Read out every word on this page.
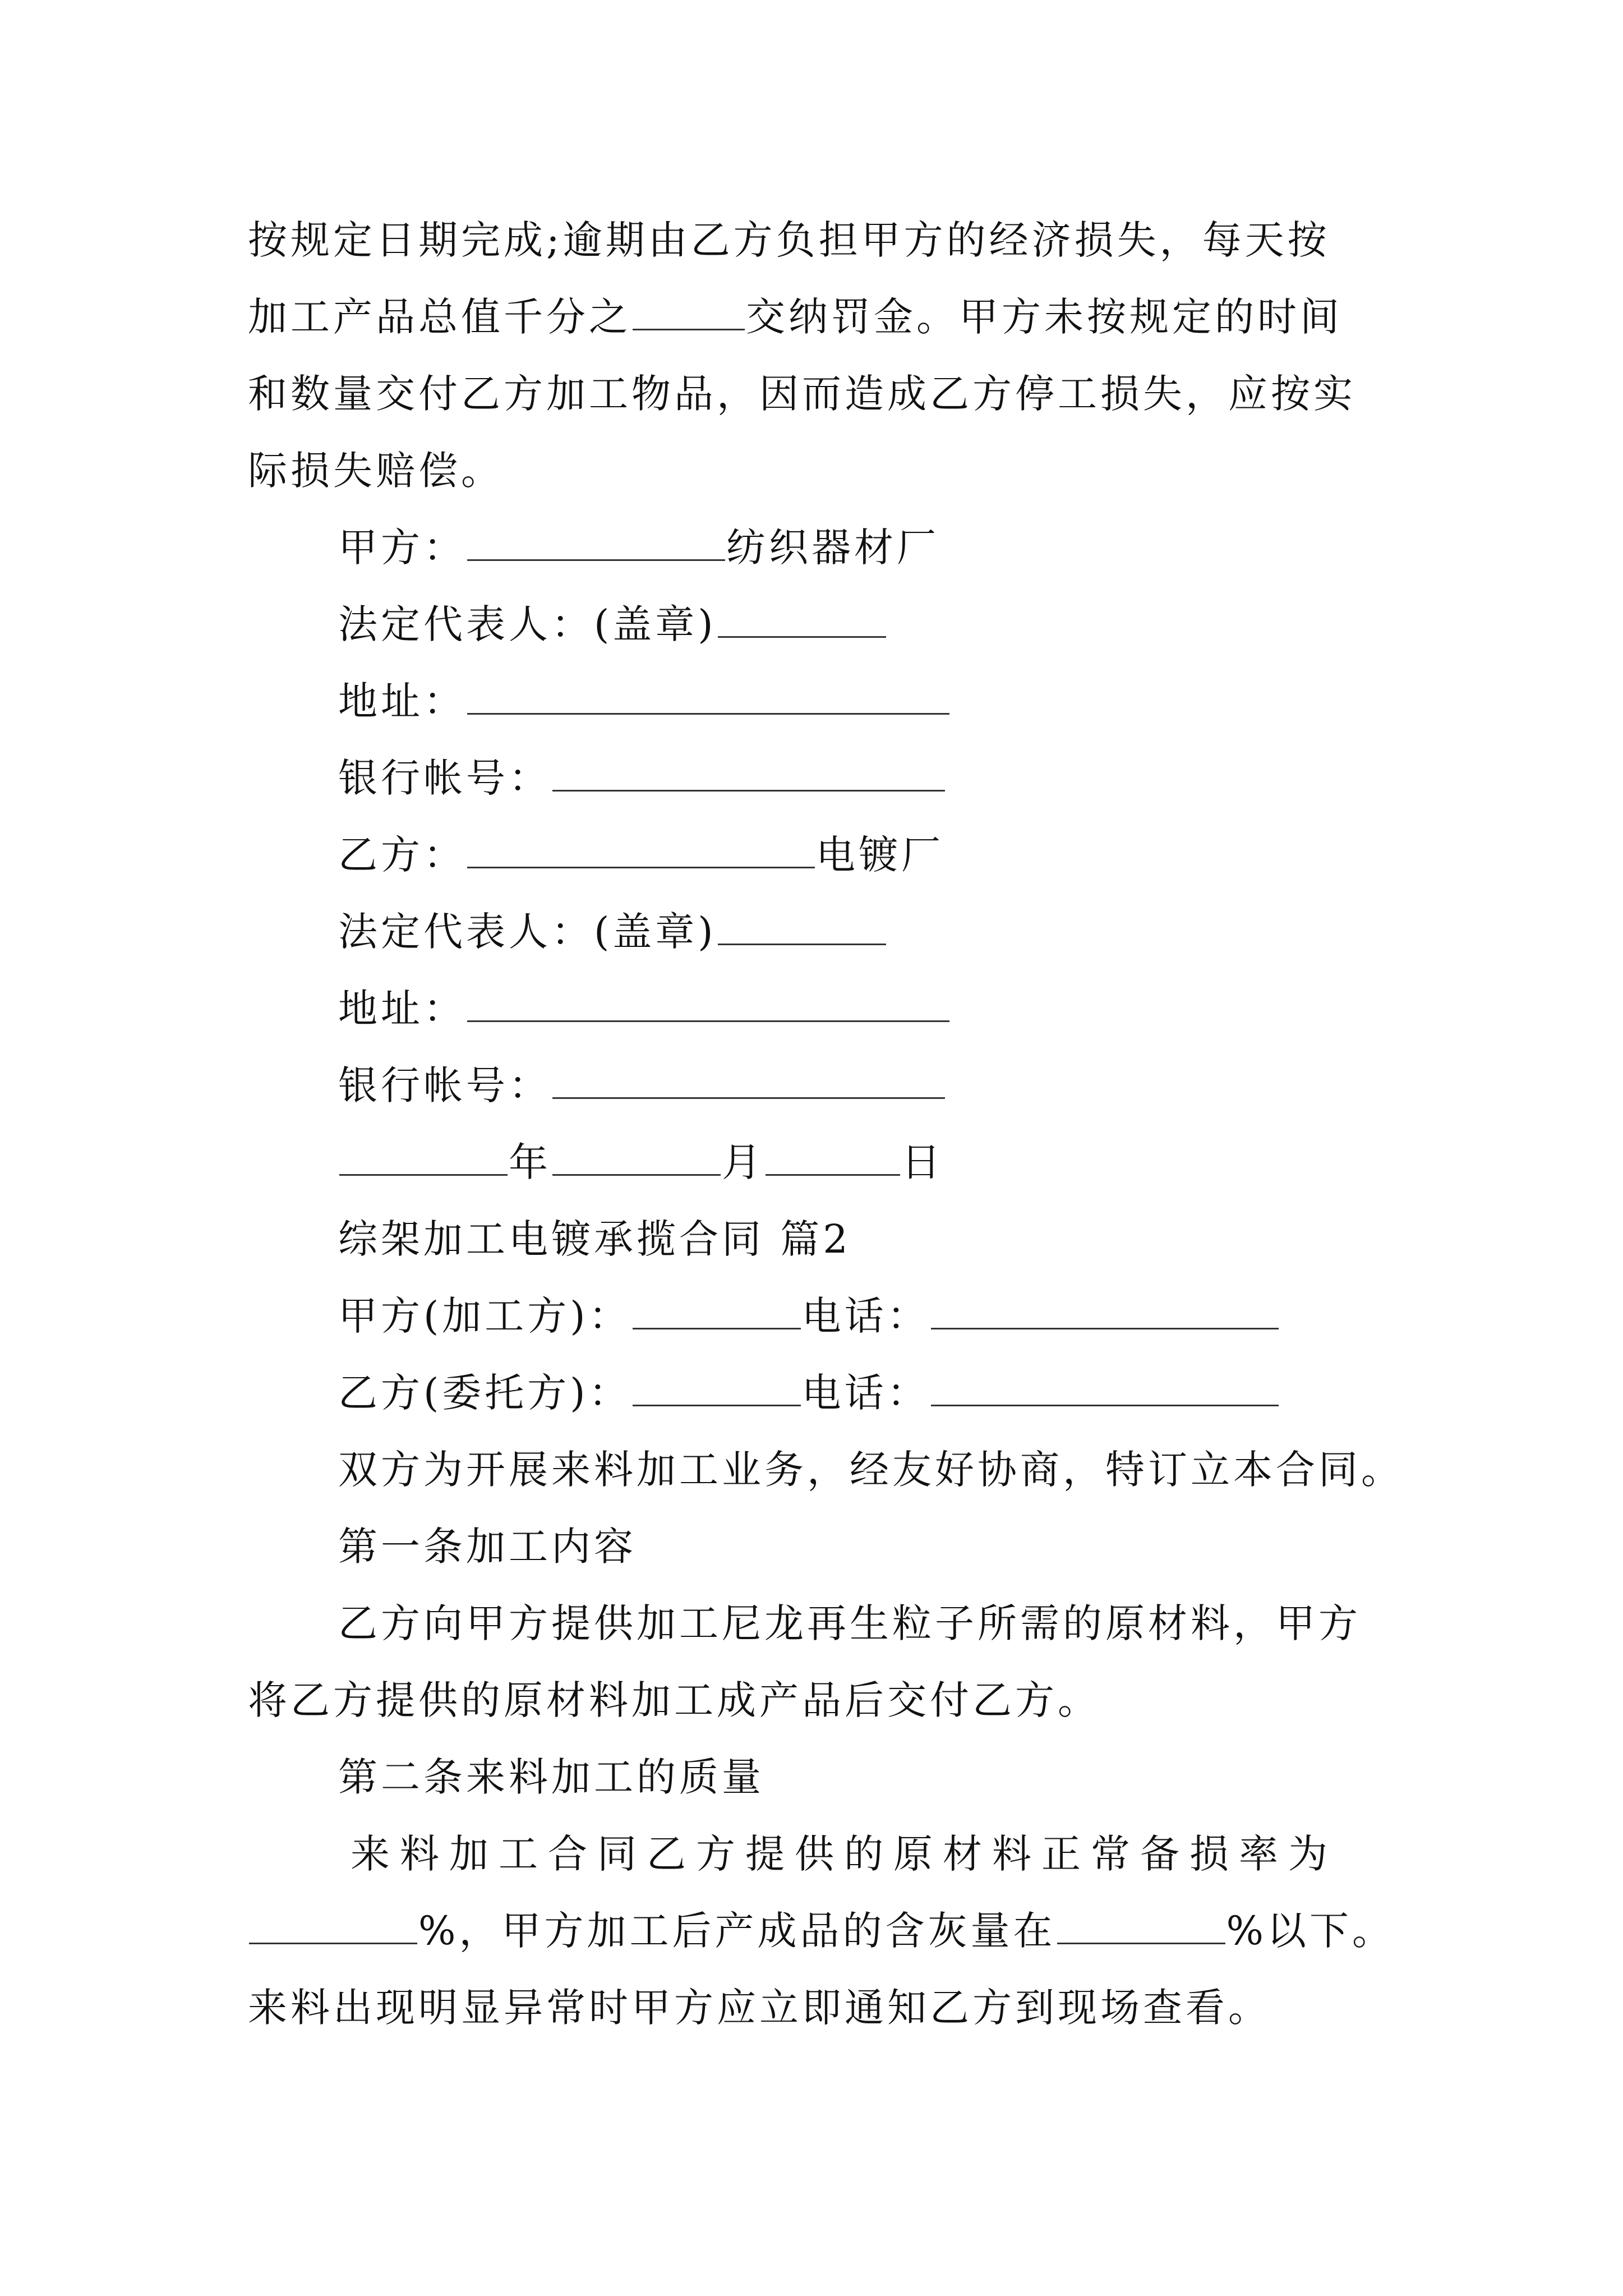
按规定日期完成;逾期由乙方负担甲方的经济损失，每天按
加工产品总值千分之	交纳罚金。甲方未按规定的时间
和数量交付乙方加工物品，因而造成乙方停工损失，应按实
际损失赔偿。
甲方：	纺织器材厂
法定代表人：(盖章)
地址：
银行帐号：
乙方：	电镀厂
法定代表人：(盖章)
地址：
银行帐号：
年	月	日
综架加工电镀承揽合同 篇2
甲方(加工方)：	电话：
乙方(委托方)：	电话：
双方为开展来料加工业务，经友好协商，特订立本合同。
第一条加工内容
乙方向甲方提供加工尼龙再生粒子所需的原材料，甲方
将乙方提供的原材料加工成产品后交付乙方。
第二条来料加工的质量
来料加工合同乙方提供的原材料正常备损率为
%，甲方加工后产成品的含灰量在	%以下。
来料出现明显异常时甲方应立即通知乙方到现场查看。
